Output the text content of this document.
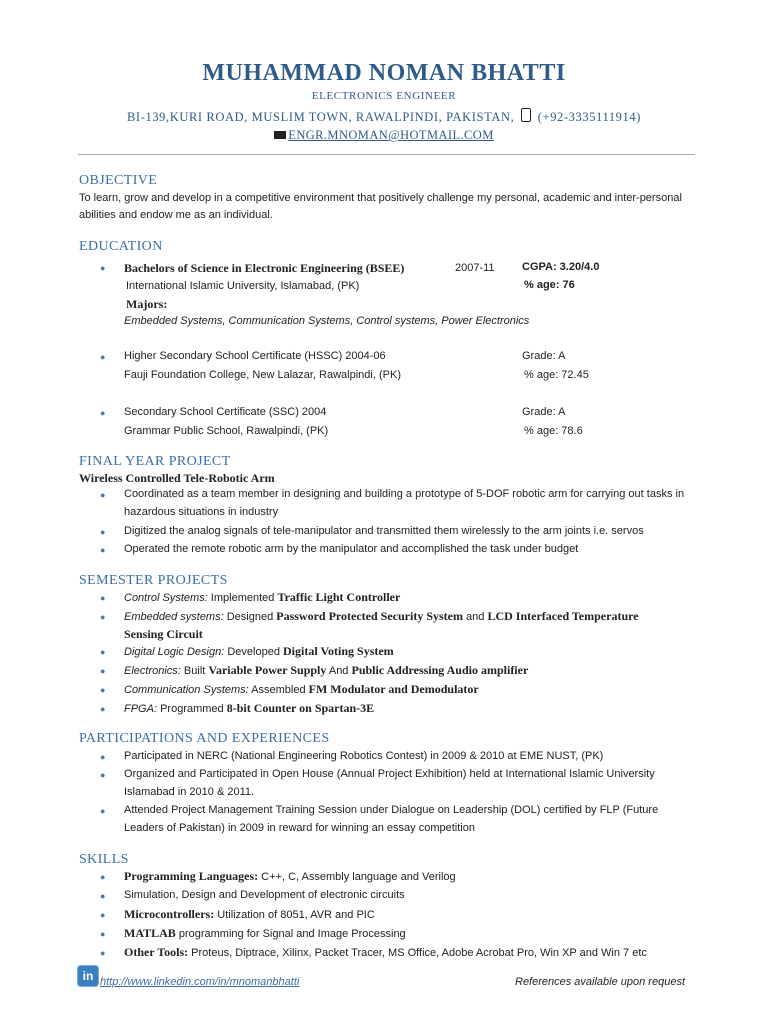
MUHAMMAD NOMAN BHATTI
ELECTRONICS ENGINEER
BI-139,KURI ROAD, MUSLIM TOWN, RAWALPINDI, PAKISTAN, (+92-3335111914)
ENGR.MNOMAN@HOTMAIL.COM
OBJECTIVE
To learn, grow and develop in a competitive environment that positively challenge my personal, academic and inter-personal abilities and endow me as an individual.
EDUCATION
● Bachelors of Science in Electronic Engineering (BSEE)	2007-11 CGPA: 3.20/4.0
International Islamic University, Islamabad, (PK)	% age: 76
Majors:
Embedded Systems, Communication Systems, Control systems, Power Electronics
● Higher Secondary School Certificate (HSSC) 2004-06	Grade: A
Fauji Foundation College, New Lalazar, Rawalpindi, (PK)	% age: 72.45
● Secondary School Certificate (SSC) 2004	Grade: A
Grammar Public School, Rawalpindi, (PK)	% age: 78.6
FINAL YEAR PROJECT
Wireless Controlled Tele-Robotic Arm
● Coordinated as a team member in designing and building a prototype of 5-DOF robotic arm for carrying out tasks in
hazardous situations in industry
● Digitized the analog signals of tele-manipulator and transmitted them wirelessly to the arm joints i.e. servos
● Operated the remote robotic arm by the manipulator and accomplished the task under budget
SEMESTER PROJECTS
● Control Systems: Implemented Traffic Light Controller
● Embedded systems: Designed Password Protected Security System and LCD Interfaced Temperature
Sensing Circuit
● Digital Logic Design: Developed Digital Voting System
● Electronics: Built Variable Power Supply And Public Addressing Audio amplifier
● Communication Systems: Assembled FM Modulator and Demodulator
● FPGA: Programmed 8-bit Counter on Spartan-3E
PARTICIPATIONS AND EXPERIENCES
● Participated in NERC (National Engineering Robotics Contest) in 2009 & 2010 at EME NUST, (PK)
● Organized and Participated in Open House (Annual Project Exhibition) held at International Islamic University
Islamabad in 2010 & 2011.
● Attended Project Management Training Session under Dialogue on Leadership (DOL) certified by FLP (Future
Leaders of Pakistan) in 2009 in reward for winning an essay competition
SKILLS
● Programming Languages: C++, C, Assembly language and Verilog
● Simulation, Design and Development of electronic circuits
● Microcontrollers: Utilization of 8051, AVR and PIC
● MATLAB programming for Signal and Image Processing
● Other Tools: Proteus, Diptrace, Xilinx, Packet Tracer, MS Office, Adobe Acrobat Pro, Win XP and Win 7 etc
in http://www.linkedin.com/in/mnomanbhatti	References available upon request
